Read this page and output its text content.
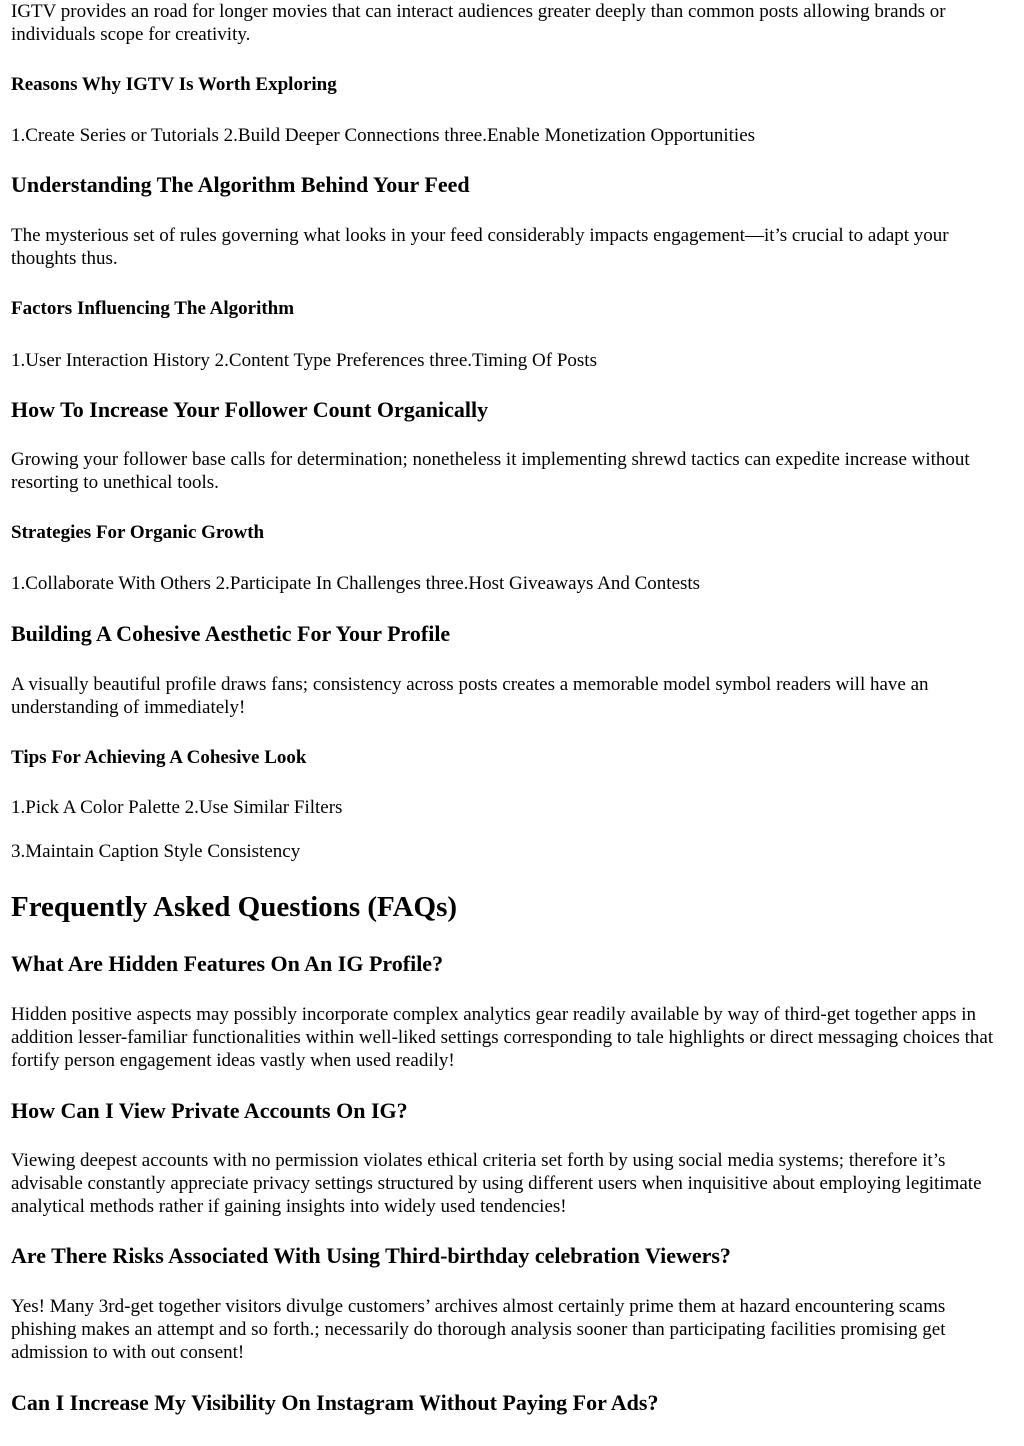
IGTV provides an road for longer movies that can interact audiences greater deeply than common posts allowing brands or individuals scope for creativity.

Reasons Why IGTV Is Worth Exploring

1.Create Series or Tutorials 2.Build Deeper Connections three.Enable Monetization Opportunities

Understanding The Algorithm Behind Your Feed

The mysterious set of rules governing what looks in your feed considerably impacts engagement—it’s crucial to adapt your thoughts thus.

Factors Influencing The Algorithm

1.User Interaction History 2.Content Type Preferences three.Timing Of Posts

How To Increase Your Follower Count Organically

Growing your follower base calls for determination; nonetheless it implementing shrewd tactics can expedite increase without resorting to unethical tools.

Strategies For Organic Growth

1.Collaborate With Others 2.Participate In Challenges three.Host Giveaways And Contests

Building A Cohesive Aesthetic For Your Profile

A visually beautiful profile draws fans; consistency across posts creates a memorable model symbol readers will have an understanding of immediately!

Tips For Achieving A Cohesive Look

1.Pick A Color Palette 2.Use Similar Filters

3.Maintain Caption Style Consistency

Frequently Asked Questions (FAQs)
What Are Hidden Features On An IG Profile?

Hidden positive aspects may possibly incorporate complex analytics gear readily available by way of third-get together apps in addition lesser-familiar functionalities within well-liked settings corresponding to tale highlights or direct messaging choices that fortify person engagement ideas vastly when used readily!

How Can I View Private Accounts On IG?

Viewing deepest accounts with no permission violates ethical criteria set forth by using social media systems; therefore it’s advisable constantly appreciate privacy settings structured by using different users when inquisitive about employing legitimate analytical methods rather if gaining insights into widely used tendencies!

Are There Risks Associated With Using Third-birthday celebration Viewers?

Yes! Many 3rd-get together visitors divulge customers’ archives almost certainly prime them at hazard encountering scams phishing makes an attempt and so forth.; necessarily do thorough analysis sooner than participating facilities promising get admission to with out consent!

Can I Increase My Visibility On Instagram Without Paying For Ads?
